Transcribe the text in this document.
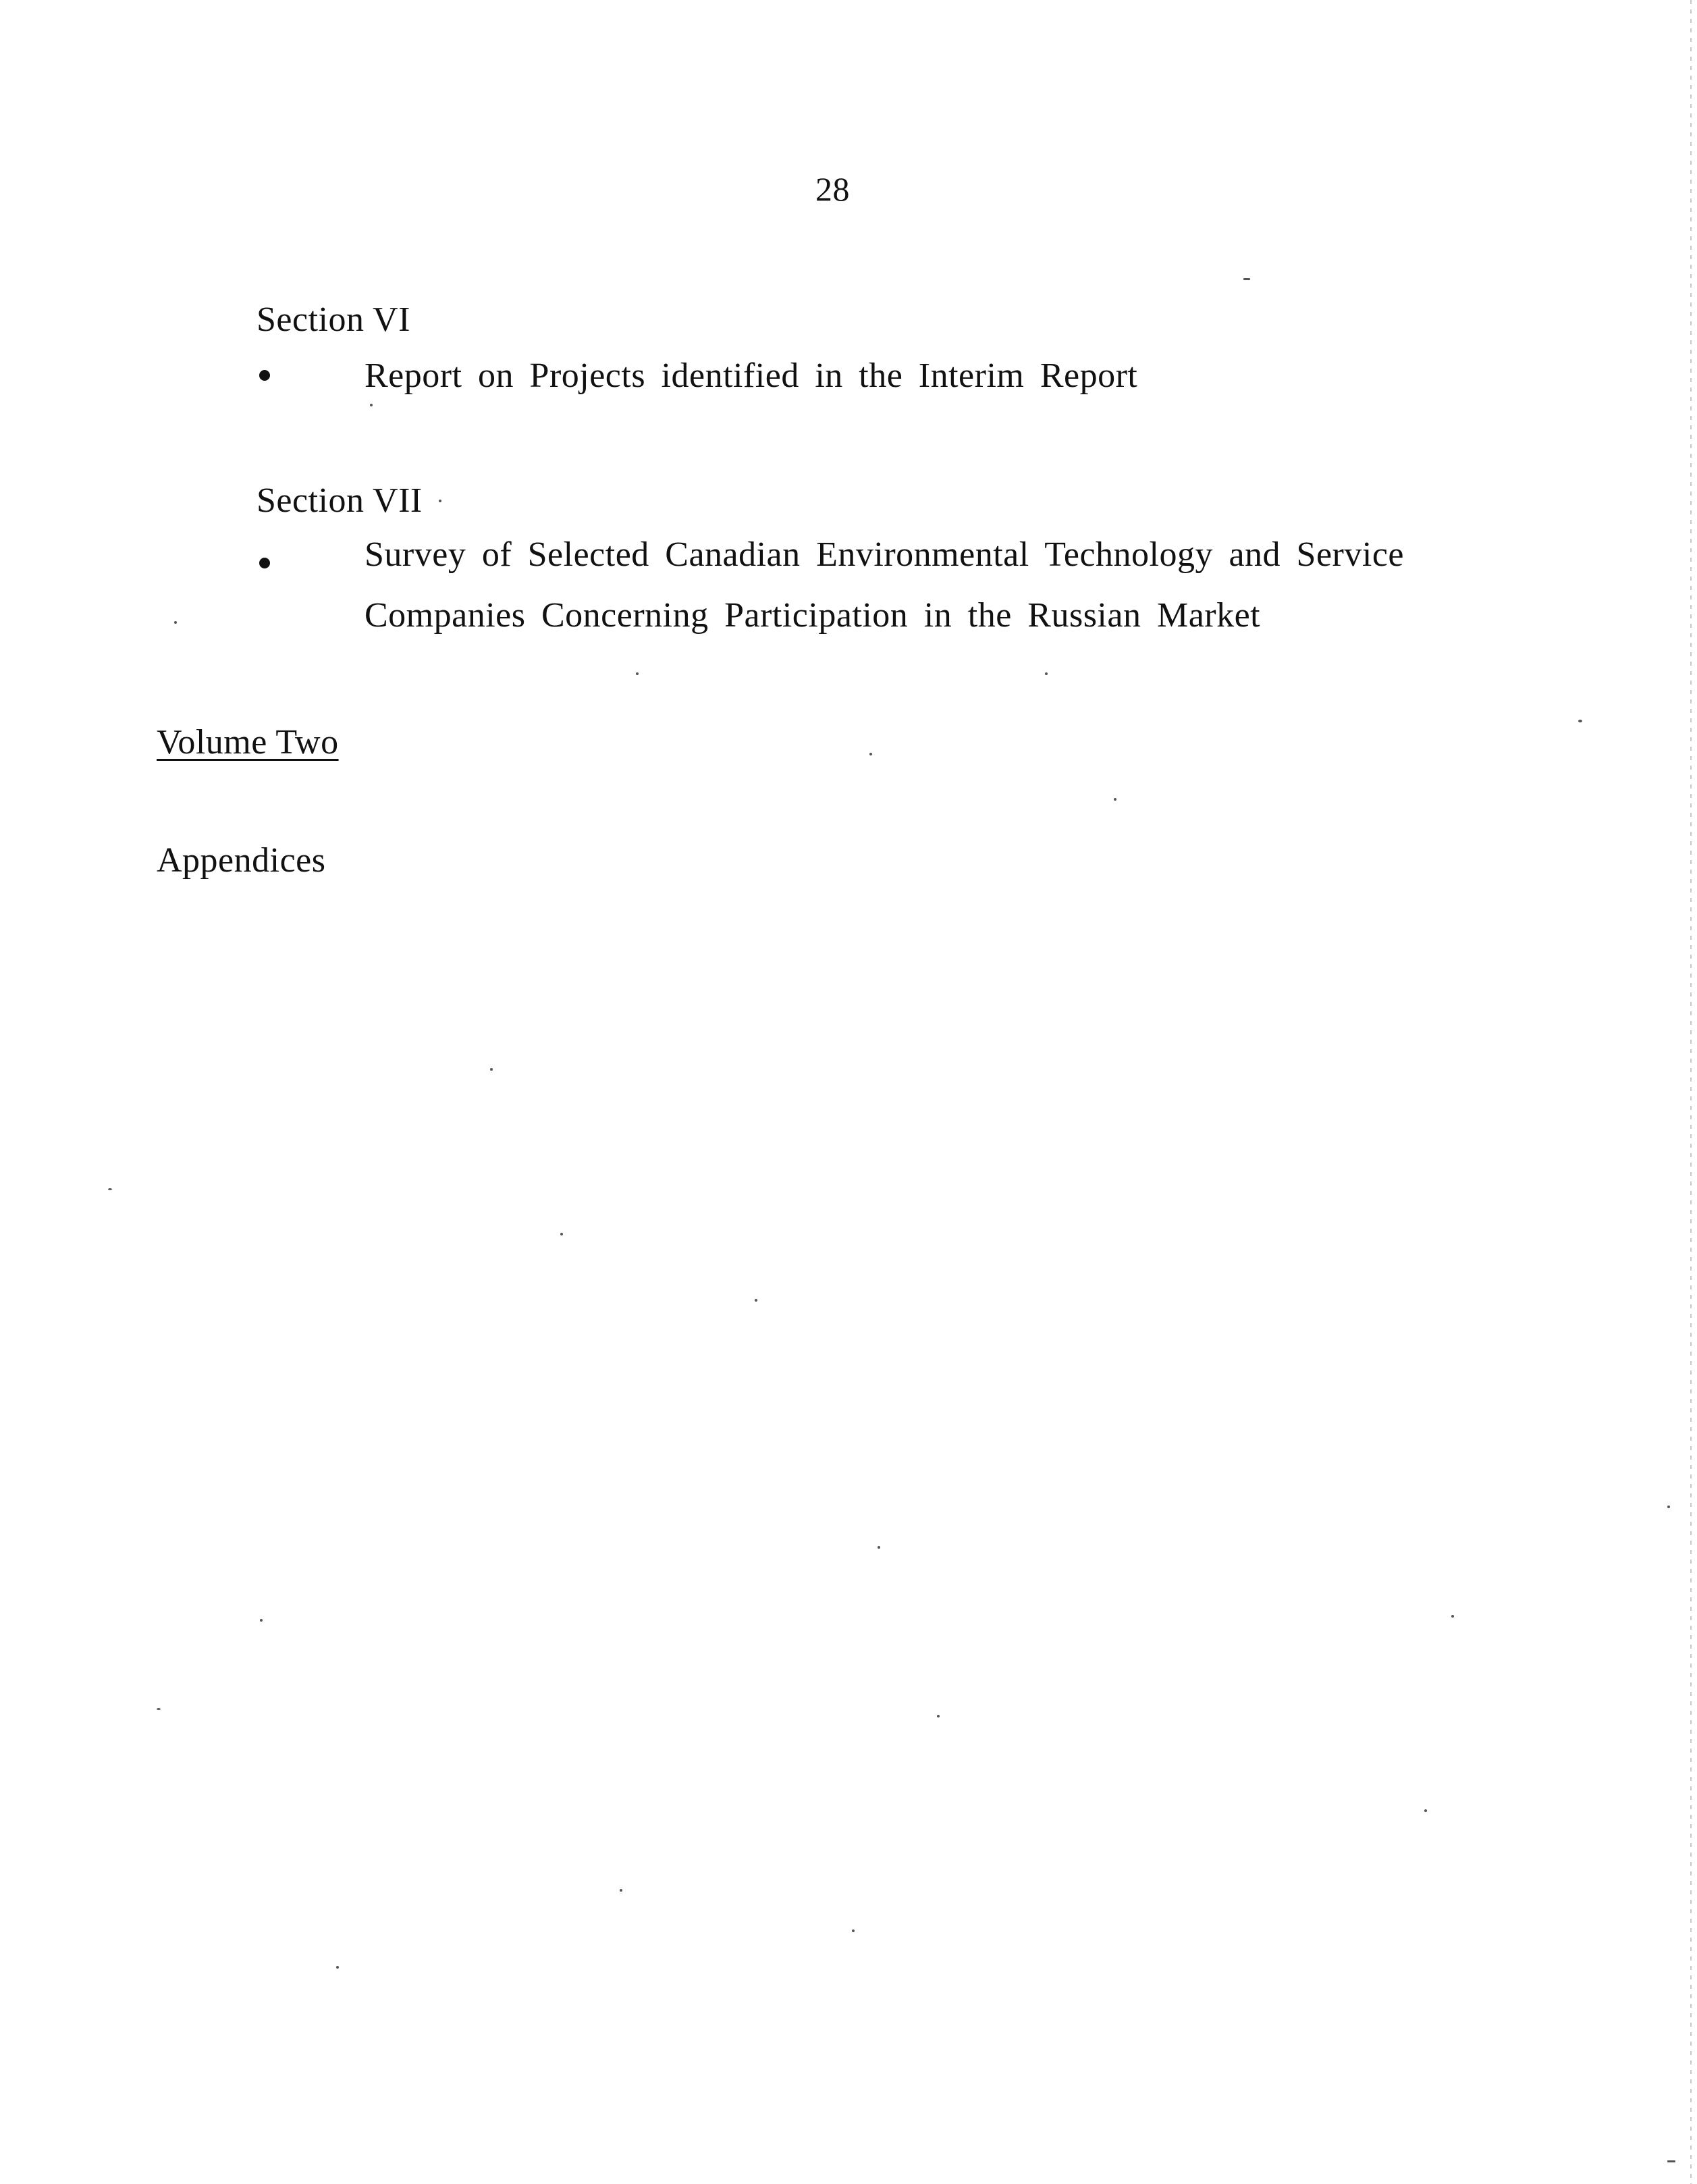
28
Section VI
Report on Projects identified in the Interim Report
Section VII
Survey of Selected Canadian Environmental Technology and Service
Companies Concerning Participation in the Russian Market
Volume Two
Appendices
